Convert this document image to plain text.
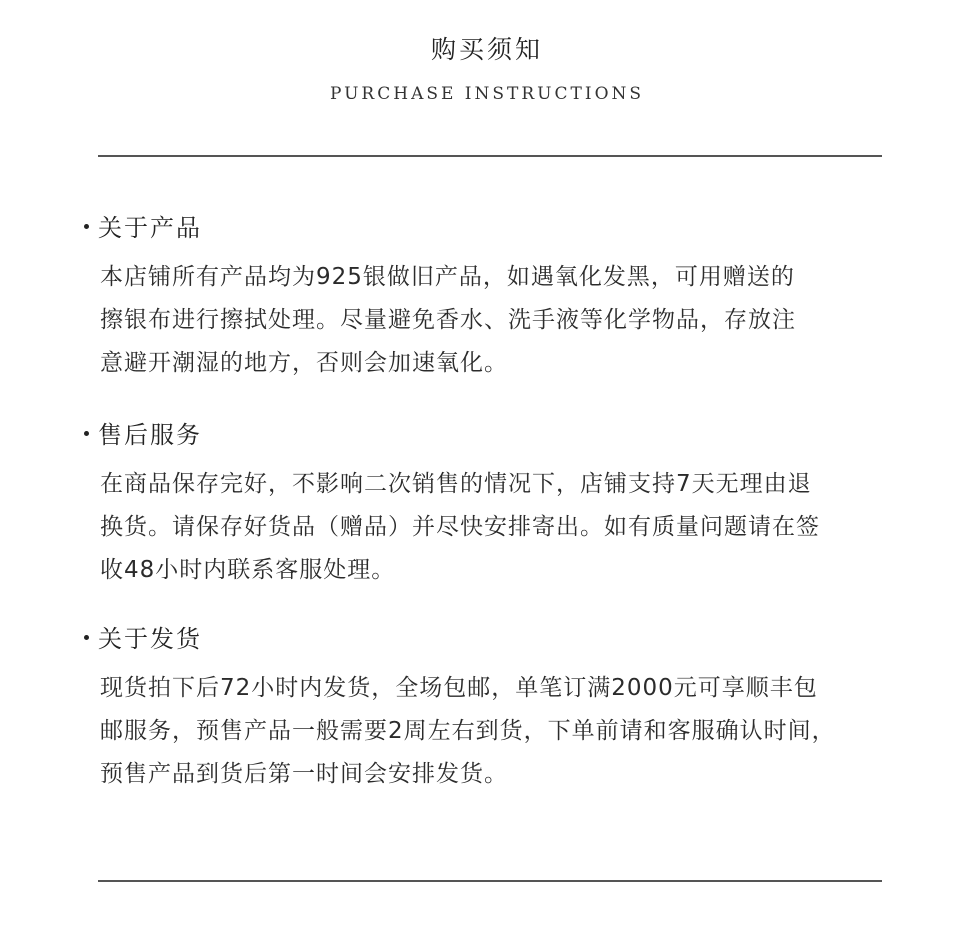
购买须知
PURCHASE INSTRUCTIONS
关于产品
本店铺所有产品均为925银做旧产品，如遇氧化发黑，可用赠送的
擦银布进行擦拭处理。尽量避免香水、洗手液等化学物品，存放注
意避开潮湿的地方，否则会加速氧化。
售后服务
在商品保存完好，不影响二次销售的情况下，店铺支持7天无理由退
换货。请保存好货品（赠品）并尽快安排寄出。如有质量问题请在签
收48小时内联系客服处理。
关于发货
现货拍下后72小时内发货，全场包邮，单笔订满2000元可享顺丰包
邮服务，预售产品一般需要2周左右到货，下单前请和客服确认时间，
预售产品到货后第一时间会安排发货。
